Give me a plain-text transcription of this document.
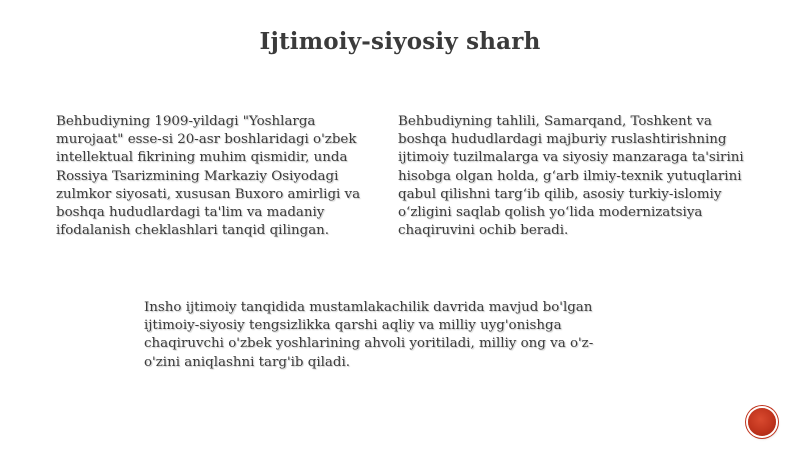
Ijtimoiy-siyosiy sharh

Behbudiyning 1909-yildagi "Yoshlarga murojaat" esse-si 20-asr boshlaridagi o'zbek intellektual fikrining muhim qismidir, unda Rossiya Tsarizmining Markaziy Osiyodagi zulmkor siyosati, xususan Buxoro amirligi va boshqa hududlardagi ta'lim va madaniy ifodalanish cheklashlari tanqid qilingan.

Behbudiyning tahlili, Samarqand, Toshkent va boshqa hududlardagi majburiy ruslashtirishning ijtimoiy tuzilmalarga va siyosiy manzaraga ta'sirini hisobga olgan holda, g‘arb ilmiy-texnik yutuqlarini qabul qilishni targ‘ib qilib, asosiy turkiy-islomiy o‘zligini saqlab qolish yo‘lida modernizatsiya chaqiruvini ochib beradi.

Insho ijtimoiy tanqidida mustamlakachilik davrida mavjud bo'lgan ijtimoiy-siyosiy tengsizlikka qarshi aqliy va milliy uyg'onishga chaqiruvchi o'zbek yoshlarining ahvoli yoritiladi, milliy ong va o'z-o'zini aniqlashni targ'ib qiladi.
